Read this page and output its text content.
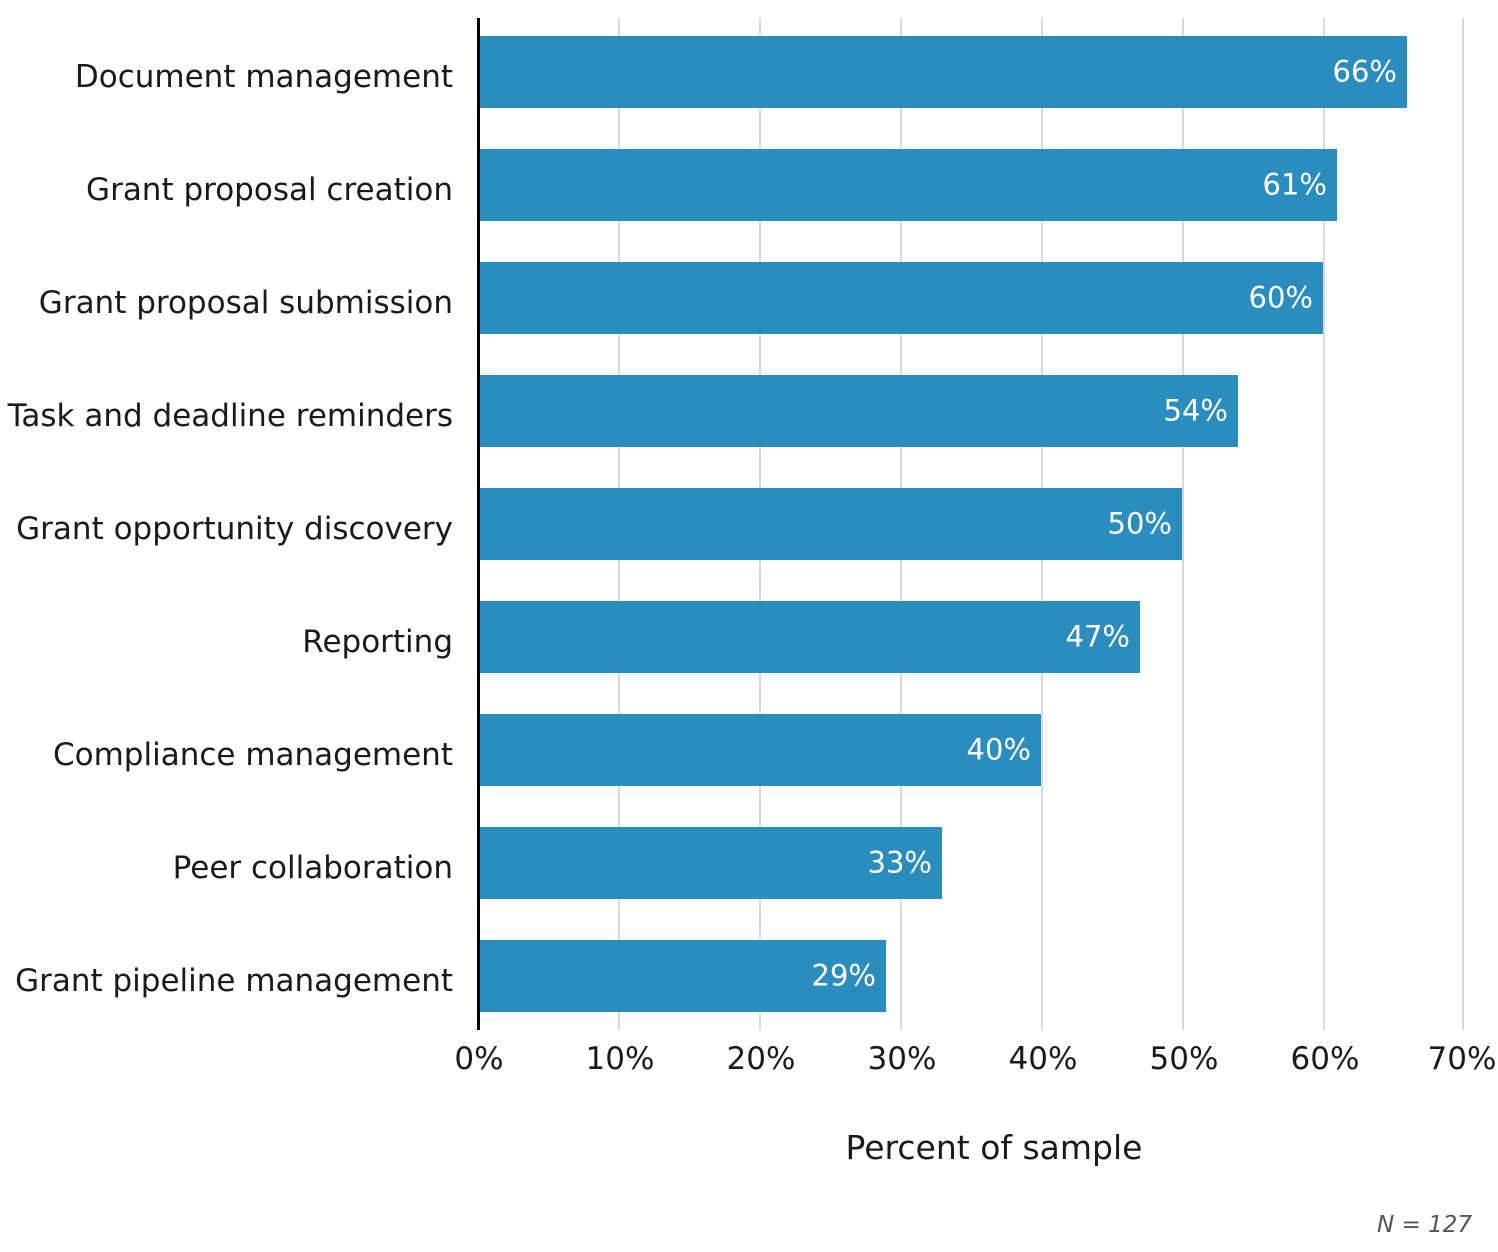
66%
61%
60%
54%
50%
47%
40%
33%
29%
Document management
Grant proposal creation
Grant proposal submission
Task and deadline reminders
Grant opportunity discovery
Reporting
Compliance management
Peer collaboration
Grant pipeline management
0%	10% 20% 30% 40% 50% 60% 70%
Percent of sample
N = 127
